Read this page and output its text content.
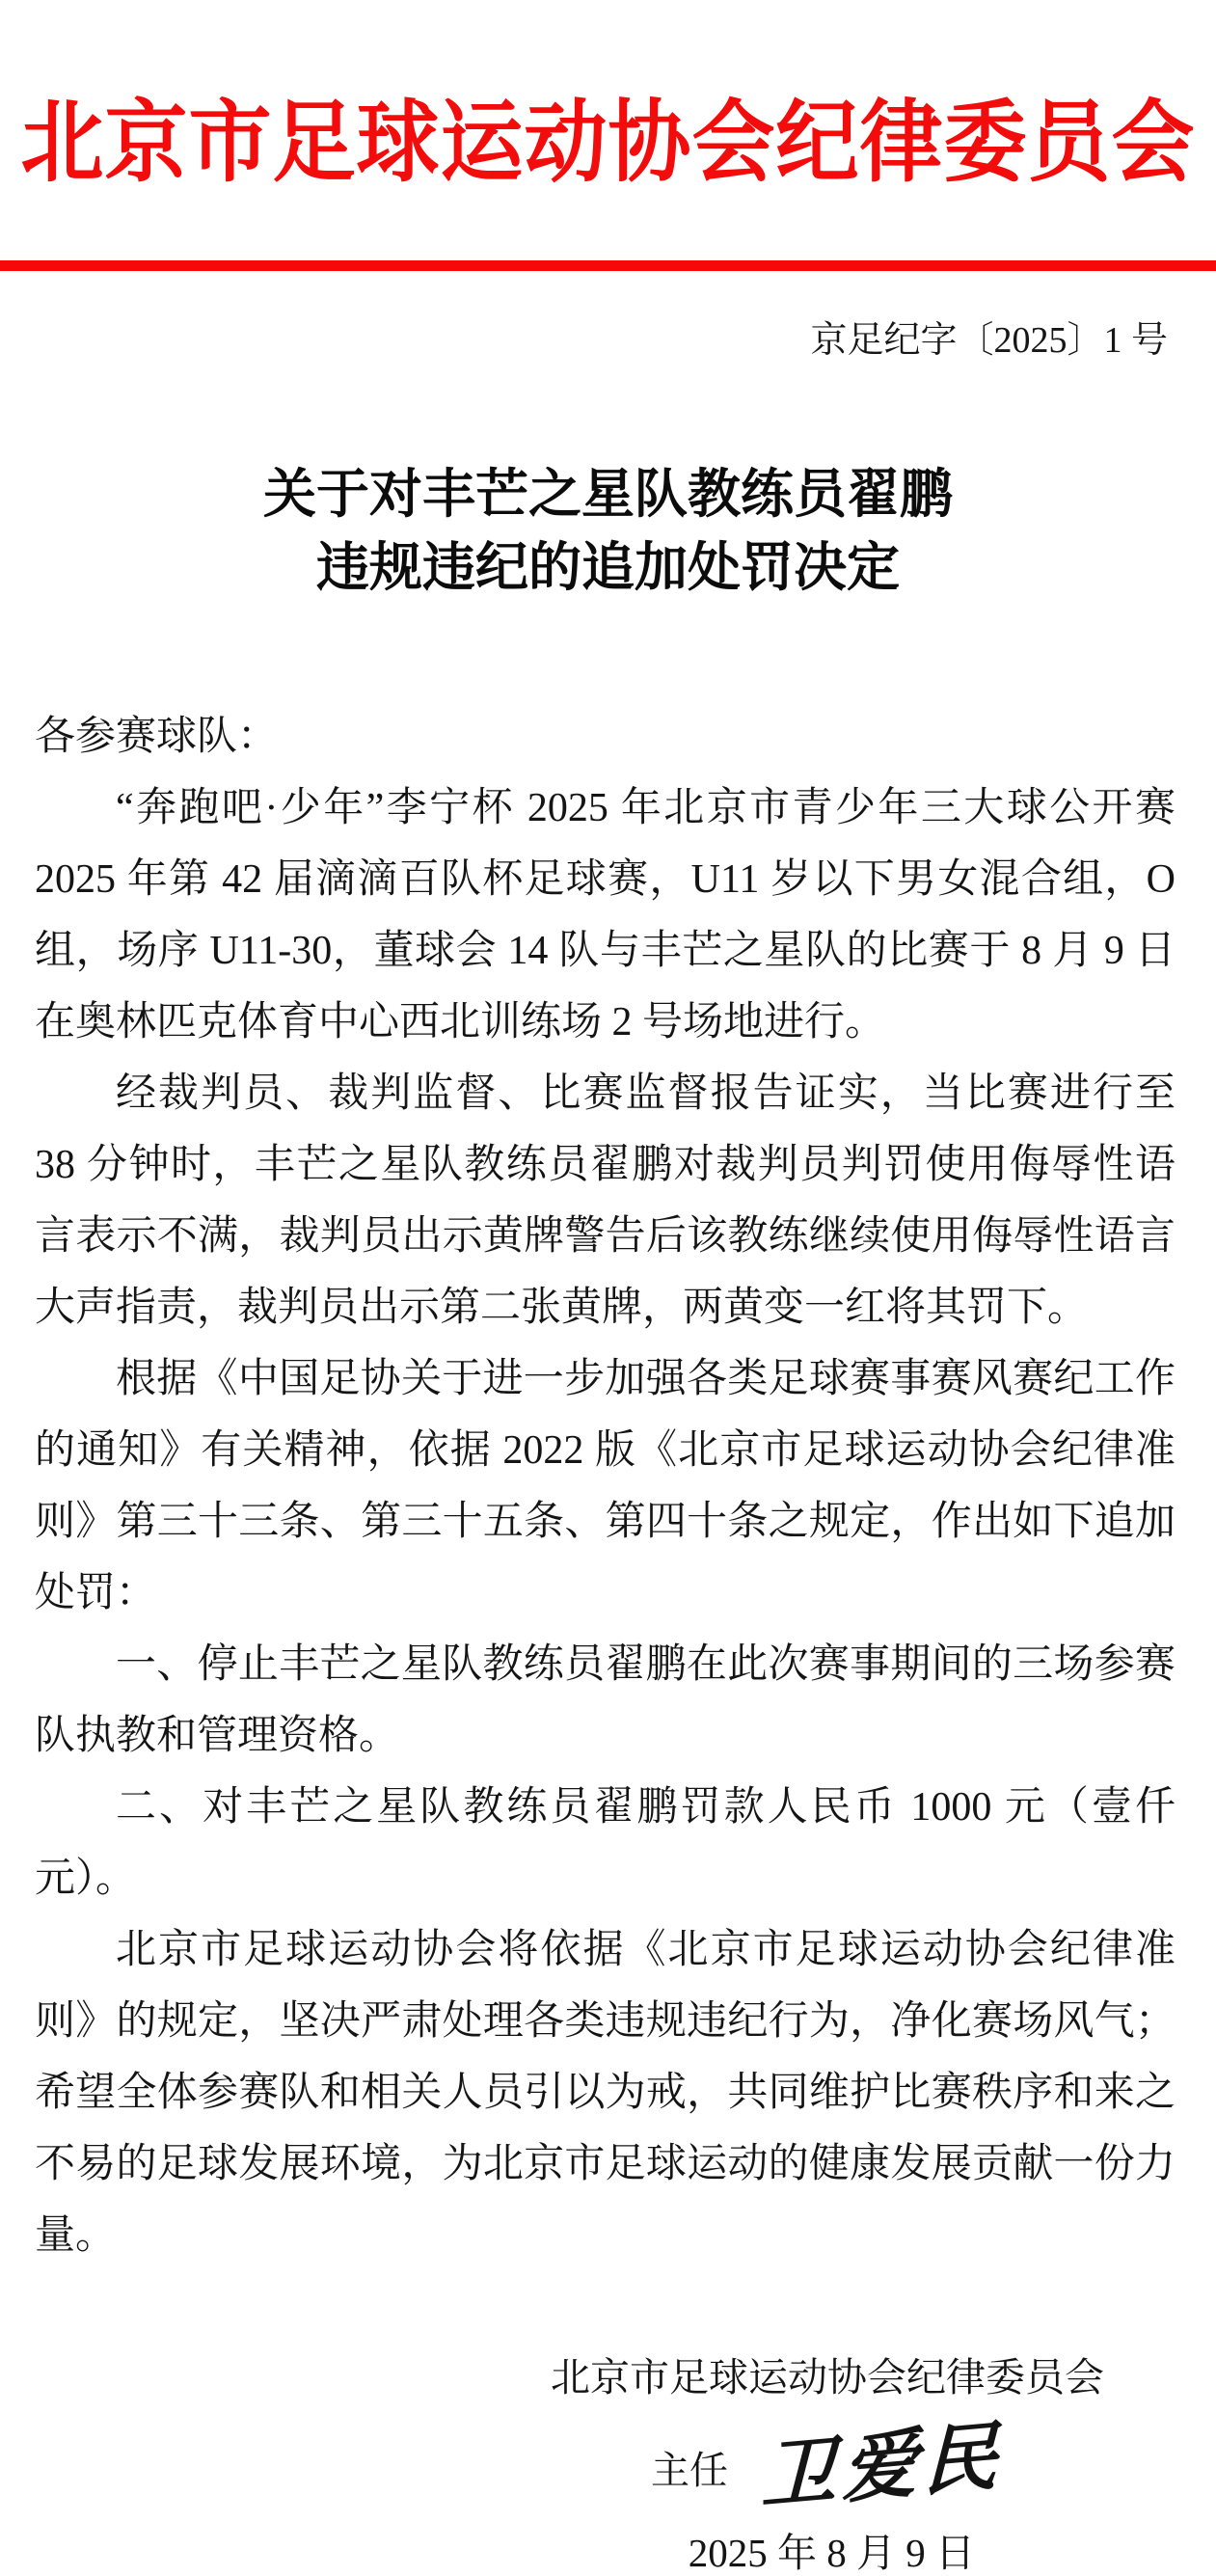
北京市足球运动协会纪律委员会
京足纪字〔2025〕1 号
关于对丰芒之星队教练员翟鹏
违规违纪的追加处罚决定

各参赛球队：

“奔跑吧·少年”李宁杯 2025 年北京市青少年三大球公开赛 2025 年第 42 届滴滴百队杯足球赛，U11 岁以下男女混合组，O 组，场序 U11-30，董球会 14 队与丰芒之星队的比赛于 8 月 9 日在奥林匹克体育中心西北训练场 2 号场地进行。

经裁判员、裁判监督、比赛监督报告证实，当比赛进行至 38 分钟时，丰芒之星队教练员翟鹏对裁判员判罚使用侮辱性语言表示不满，裁判员出示黄牌警告后该教练继续使用侮辱性语言大声指责，裁判员出示第二张黄牌，两黄变一红将其罚下。

根据《中国足协关于进一步加强各类足球赛事赛风赛纪工作的通知》有关精神，依据 2022 版《北京市足球运动协会纪律准则》第三十三条、第三十五条、第四十条之规定，作出如下追加处罚：

一、停止丰芒之星队教练员翟鹏在此次赛事期间的三场参赛队执教和管理资格。

二、对丰芒之星队教练员翟鹏罚款人民币 1000 元（壹仟元）。

北京市足球运动协会将依据《北京市足球运动协会纪律准则》的规定，坚决严肃处理各类违规违纪行为，净化赛场风气；希望全体参赛队和相关人员引以为戒，共同维护比赛秩序和来之不易的足球发展环境，为北京市足球运动的健康发展贡献一份力量。

北京市足球运动协会纪律委员会
主任 卫爱民
2025 年 8 月 9 日
